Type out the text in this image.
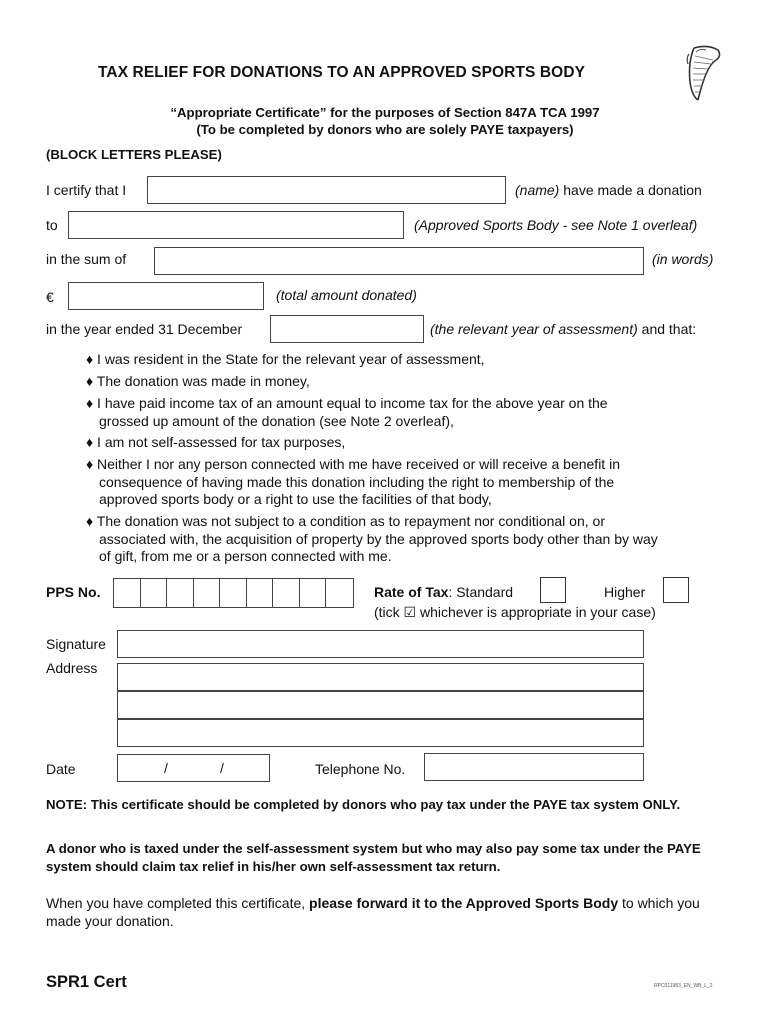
TAX RELIEF FOR DONATIONS TO AN APPROVED SPORTS BODY
“Appropriate Certificate” for the purposes of Section 847A TCA 1997
(To be completed by donors who are solely PAYE taxpayers)
(BLOCK LETTERS PLEASE)
I certify that I	(name) have made a donation
to	(Approved Sports Body - see Note 1 overleaf)
in the sum of	(in words)
€	(total amount donated)
in the year ended 31 December	(the relevant year of assessment) and that:
♦ I was resident in the State for the relevant year of assessment,
♦ The donation was made in money,
♦ I have paid income tax of an amount equal to income tax for the above year on the
grossed up amount of the donation (see Note 2 overleaf),
♦ I am not self-assessed for tax purposes,
♦ Neither I nor any person connected with me have received or will receive a benefit in
consequence of having made this donation including the right to membership of the
approved sports body or a right to use the facilities of that body,
♦ The donation was not subject to a condition as to repayment nor conditional on, or
associated with, the acquisition of property by the approved sports body other than by way
of gift, from me or a person connected with me.
PPS No.	Rate of Tax: Standard	Higher
(tick ☑ whichever is appropriate in your case)
Signature
Address
Date	/	/	Telephone No.
NOTE: This certificate should be completed by donors who pay tax under the PAYE tax system ONLY.
A donor who is taxed under the self-assessment system but who may also pay some tax under the PAYE system should claim tax relief in his/her own self-assessment tax return.
When you have completed this certificate, please forward it to the Approved Sports Body to which you made your donation.
SPR1 Cert	RPC011983_EN_WB_L_2
